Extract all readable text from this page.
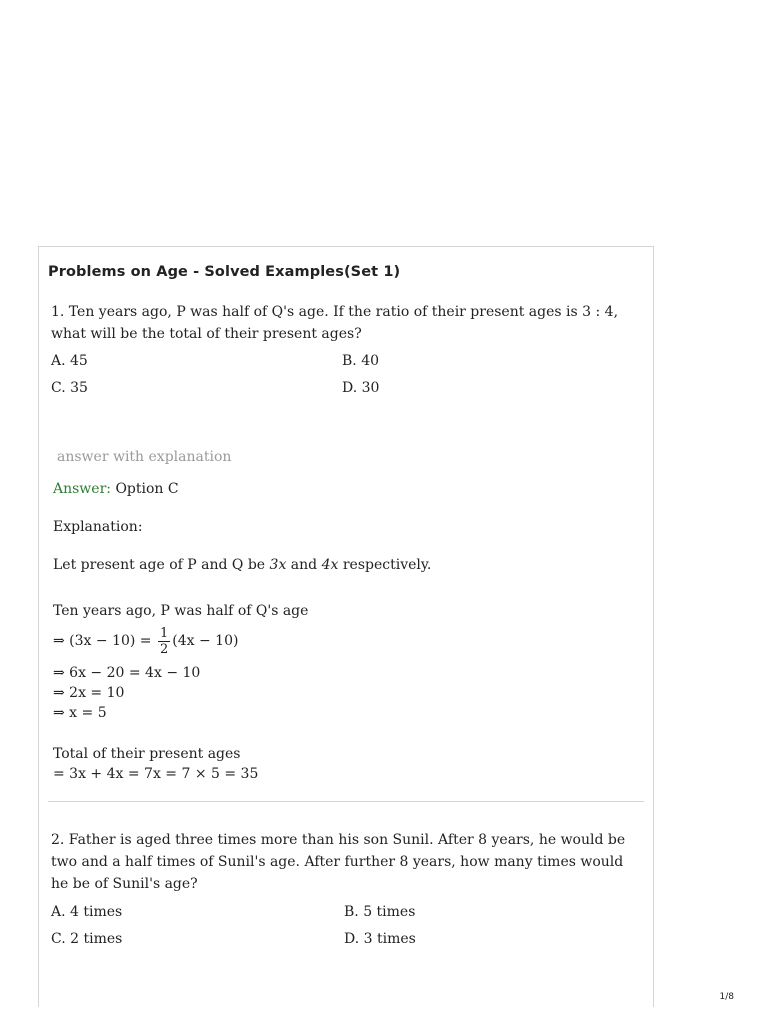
Problems on Age - Solved Examples(Set 1)
1. Ten years ago, P was half of Q's age. If the ratio of their present ages is 3 : 4, what will be the total of their present ages?
A. 45	B. 40
C. 35	D. 30
answer with explanation
Answer: Option C
Explanation:
Let present age of P and Q be 3x and 4x respectively.
Ten years ago, P was half of Q's age
⇒ $(3x - 10) = \frac{1}{2} (4x - 10)$
⇒ 6x − 20 = 4x − 10
⇒ 2x = 10
⇒ x = 5
Total of their present ages
= 3x + 4x = 7x = 7 × 5 = 35
2. Father is aged three times more than his son Sunil. After 8 years, he would be two and a half times of Sunil's age. After further 8 years, how many times would he be of Sunil's age?
A. 4 times	B. 5 times
C. 2 times	D. 3 times
1/8
